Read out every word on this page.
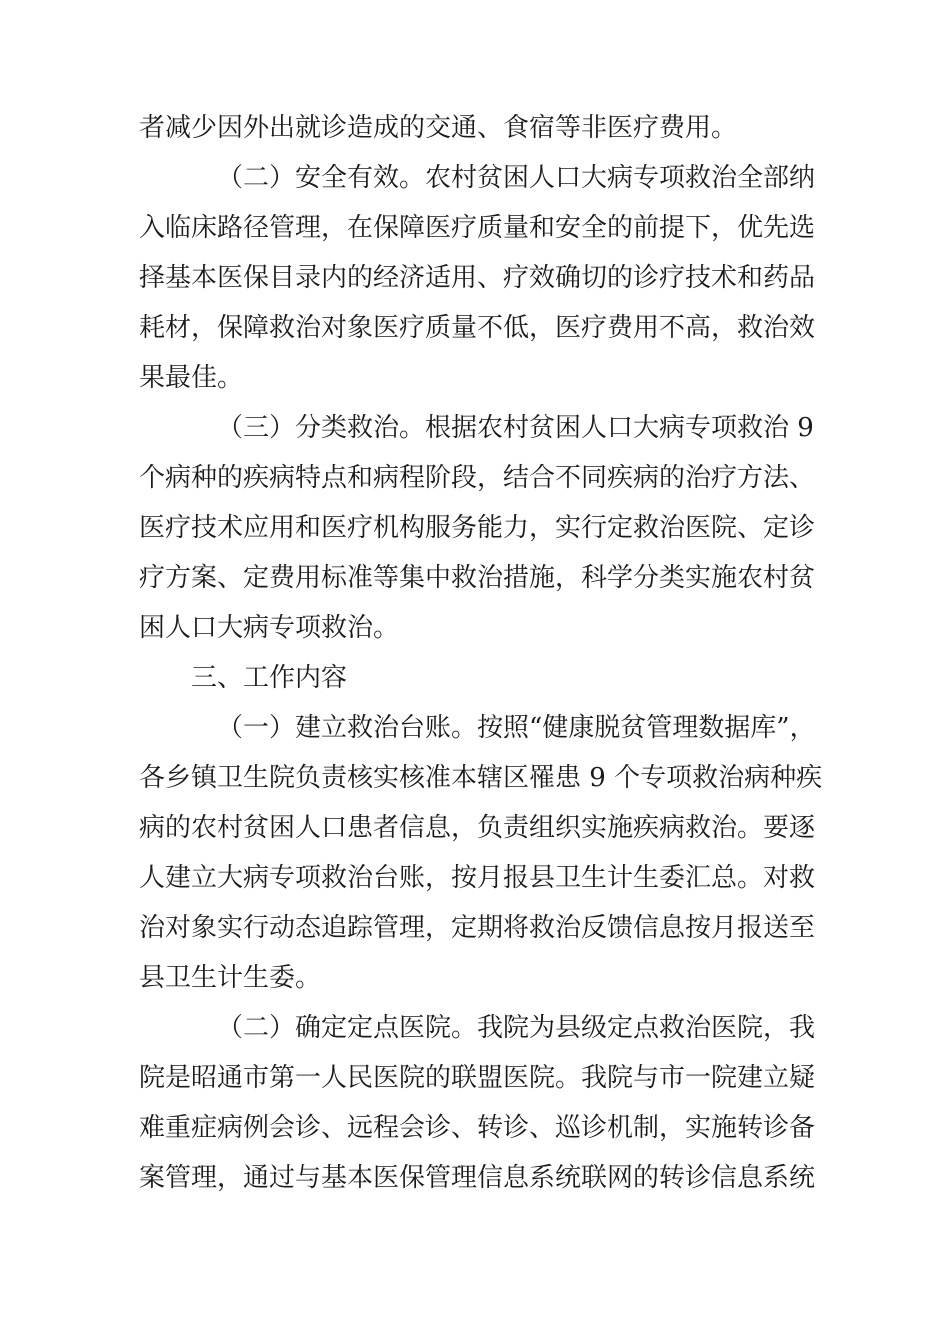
者减少因外出就诊造成的交通、食宿等非医疗费用。
（二）安全有效。农村贫困人口大病专项救治全部纳
入临床路径管理，在保障医疗质量和安全的前提下，优先选
择基本医保目录内的经济适用、疗效确切的诊疗技术和药品
耗材，保障救治对象医疗质量不低，医疗费用不高，救治效
果最佳。
（三）分类救治。根据农村贫困人口大病专项救治 9
个病种的疾病特点和病程阶段，结合不同疾病的治疗方法、
医疗技术应用和医疗机构服务能力，实行定救治医院、定诊
疗方案、定费用标准等集中救治措施，科学分类实施农村贫
困人口大病专项救治。
三、工作内容
（一）建立救治台账。按照“健康脱贫管理数据库”，
各乡镇卫生院负责核实核准本辖区罹患 9 个专项救治病种疾
病的农村贫困人口患者信息，负责组织实施疾病救治。要逐
人建立大病专项救治台账，按月报县卫生计生委汇总。对救
治对象实行动态追踪管理，定期将救治反馈信息按月报送至
县卫生计生委。
（二）确定定点医院。我院为县级定点救治医院，我
院是昭通市第一人民医院的联盟医院。我院与市一院建立疑
难重症病例会诊、远程会诊、转诊、巡诊机制，实施转诊备
案管理，通过与基本医保管理信息系统联网的转诊信息系统
